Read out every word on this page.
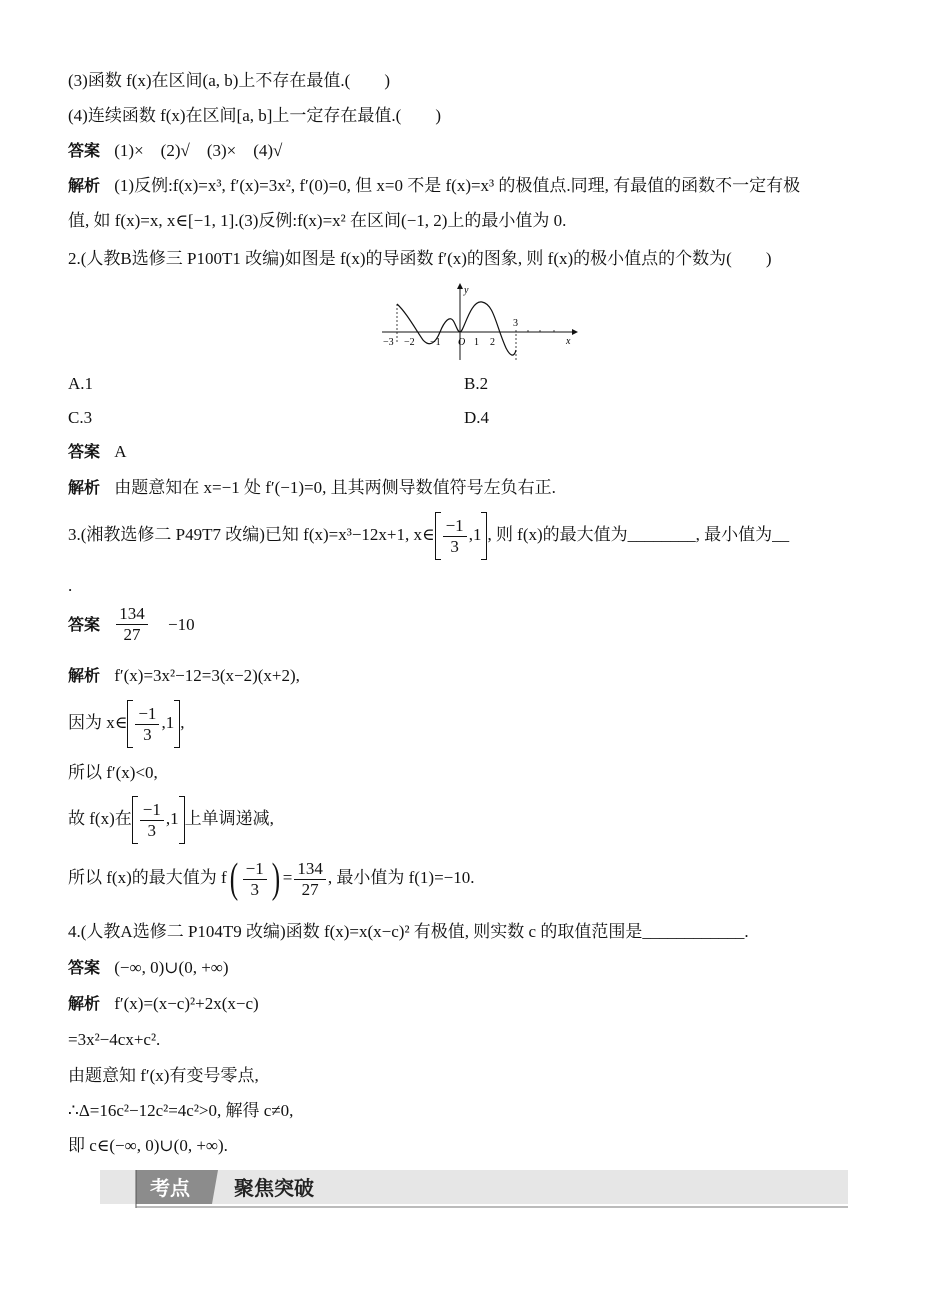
(3)函数 f(x)在区间(a, b)上不存在最值.(　　)
(4)连续函数 f(x)在区间[a, b]上一定存在最值.(　　)
答案 (1)×　(2)√　(3)×　(4)√
解析 (1)反例:f(x)=x³, f′(x)=3x², f′(0)=0, 但 x=0 不是 f(x)=x³ 的极值点.同理, 有最值的函数不一定有极
值, 如 f(x)=x, x∈[−1, 1].(3)反例:f(x)=x² 在区间(−1, 2)上的最小值为 0.
2.(人教B选修三 P100T1 改编)如图是 f(x)的导函数 f′(x)的图象, 则 f(x)的极小值点的个数为(　　)
y
x
−3 −2 −1 O 1 2
3
A.1	B.2
C.3	D.4
答案 A
解析 由题意知在 x=−1 处 f′(−1)=0, 且其两侧导数值符号左负右正.
3.(湘教选修二 P49T7 改编)已知 f(x)=x³−12x+1, x∈ $\frac{-1}{3} ,1$ , 则 f(x)的最大值为________, 最小值为__
.
答案 $\frac{134}{27} -10$
解析 f′(x)=3x²−12=3(x−2)(x+2),
因为 x∈ $\frac{-1}{3} ,1$ ,
所以 f′(x)<0,
故 f(x)在 $\frac{-1}{3} ,1$ 上单调递减,
所以 f(x)的最大值为 $f( \frac{-1}{3}$ ) = $\frac{134}{27}$ , 最小值为 f(1)=−10.
4.(人教A选修二 P104T9 改编)函数 f(x)=x(x−c)² 有极值, 则实数 c 的取值范围是____________.
答案 (−∞, 0)∪(0, +∞)
解析 f′(x)=(x−c)²+2x(x−c)
=3x²−4cx+c².
由题意知 f′(x)有变号零点,
∴Δ=16c²−12c²=4c²>0, 解得 c≠0,
即 c∈(−∞, 0)∪(0, +∞).
考点 聚焦突破
